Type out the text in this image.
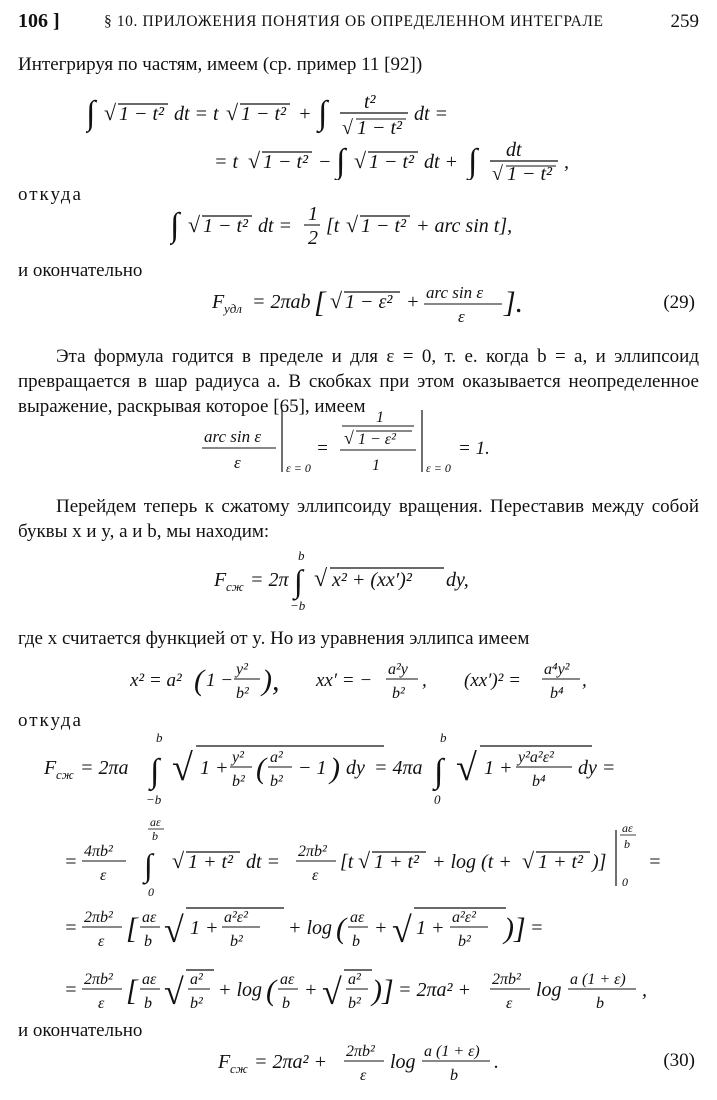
106 ]	§ 10. ПРИЛОЖЕНИЯ ПОНЯТИЯ ОБ ОПРЕДЕЛЕННОМ ИНТЕГРАЛЕ	259
Интегрируя по частям, имеем (ср. пример 11 [92])
∫ √ 1 − t² dt = t √ 1 − t² + ∫ t²
√ 1 − t²
dt =
= t √ 1 − t² − ∫ √ 1 − t² dt + ∫ dt
√ 1 − t²
,
откуда
∫ √ 1 − t² dt =
1
2
[t √ 1 − t² + arc sin t],
и окончательно
F удл = 2πab [ √ 1 − ε² + arc sin ε
ε ].	(29)
Эта формула годится в пределе и для ε = 0, т. е. когда b = a, и эллипсоид превращается в шар радиуса a. В скобках при этом оказывается неопределенное выражение, раскрывая которое [65], имеем
arc sin ε
ε	ε = 0
=
1
√ 1 − ε²
1	ε = 0
= 1.
Перейдем теперь к сжатому эллипсоиду вращения. Переставив между собой буквы x и y, a и b, мы находим:
F сж = 2π
b
∫
−b
√ x² + (xx′)² dy,
где x считается функцией от y. Но из уравнения эллипса имеем
x² = a² ( 1 −
y²
b² ), xx′ = −
a²y
b²
, (xx′)² =
a⁴y²
b⁴
,
откуда
F сж = 2πa
b
∫
−b
√ 1 + y²
b² ( a²
b²
− 1 ) dy = 4πa
b
∫
0
√ 1 + y²a²ε²
b⁴
dy =
= 4πb²
ε
aε
b
∫
0
√ 1 + t² dt = 2πb²
ε
[t √ 1 + t² + log (t + √ 1 + t² )]
aε
b
0
=
= 2πb²
ε [ aε
b √ 1 + a²ε²
b²
+ log ( aε
b
+ √ 1 + a²ε²
b² )] =
= 2πb²
ε [ aε
b √ a²
b²
+ log ( aε
b
+ √ a²
b² )] = 2πa² + 2πb²
ε
log a (1 + ε)
b
,
и окончательно
F сж = 2πa² + 2πb²
ε
log a (1 + ε)
b
.	(30)
